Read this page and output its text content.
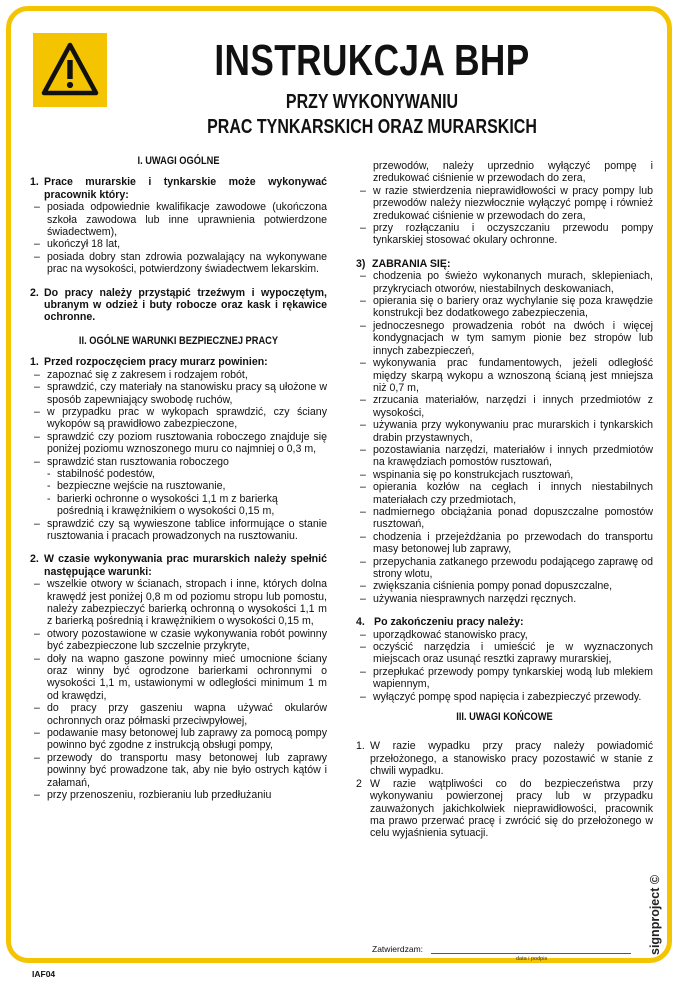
INSTRUKCJA BHP
PRZY WYKONYWANIU
PRAC TYNKARSKICH ORAZ MURARSKICH
I. UWAGI OGÓLNE
1. Prace murarskie i tynkarskie może wykonywać pracownik który:
– posiada odpowiednie kwalifikacje zawodowe (ukończona szkoła zawodowa lub inne uprawnienia potwierdzone świadectwem),
– ukończył 18 lat,
– posiada dobry stan zdrowia pozwalający na wykonywane prac na wysokości, potwierdzony świadectwem lekarskim.
2. Do pracy należy przystąpić trzeźwym i wypoczętym, ubranym w odzież i buty robocze oraz kask i rękawice ochronne.
II. OGÓLNE WARUNKI BEZPIECZNEJ PRACY
1. Przed rozpoczęciem pracy murarz powinien:
– zapoznać się z zakresem i rodzajem robót,
– sprawdzić, czy materiały na stanowisku pracy są ułożone w sposób zapewniający swobodę ruchów,
– w przypadku prac w wykopach sprawdzić, czy ściany wykopów są prawidłowo zabezpieczone,
– sprawdzić czy poziom rusztowania roboczego znajduje się poniżej poziomu wznoszonego muru co najmniej o 0,3 m,
– sprawdzić stan rusztowania roboczego
- stabilność podestów,
- bezpieczne wejście na rusztowanie,
- barierki ochronne o wysokości 1,1 m z barierką pośrednią i krawężnikiem o wysokości 0,15 m,
– sprawdzić czy są wywieszone tablice informujące o stanie rusztowania i pracach prowadzonych na rusztowaniu.
2. W czasie wykonywania prac murarskich należy spełnić następujące warunki:
– wszelkie otwory w ścianach, stropach i inne, których dolna krawędź jest poniżej 0,8 m od poziomu stropu lub pomostu, należy zabezpieczyć barierką ochronną o wysokości 1,1 m z barierką pośrednią i krawężnikiem o wysokości 0,15 m,
– otwory pozostawione w czasie wykonywania robót powinny być zabezpieczone lub szczelnie przykryte,
– doły na wapno gaszone powinny mieć umocnione ściany oraz winny być ogrodzone barierkami ochronnymi o wysokości 1,1 m, ustawionymi w odległości minimum 1 m od krawędzi,
– do pracy przy gaszeniu wapna używać okularów ochronnych oraz półmaski przeciwpyłowej,
– podawanie masy betonowej lub zaprawy za pomocą pompy powinno być zgodne z instrukcją obsługi pompy,
– przewody do transportu masy betonowej lub zaprawy powinny być prowadzone tak, aby nie było ostrych kątów i załamań,
– przy przenoszeniu, rozbieraniu lub przedłużaniu
przewodów, należy uprzednio wyłączyć pompę i zredukować ciśnienie w przewodach do zera,
– w razie stwierdzenia nieprawidłowości w pracy pompy lub przewodów należy niezwłocznie wyłączyć pompę i również zredukować ciśnienie w przewodach do zera,
– przy rozłączaniu i oczyszczaniu przewodu pompy tynkarskiej stosować okulary ochronne.
3) ZABRANIA SIĘ:
– chodzenia po świeżo wykonanych murach, sklepieniach, przykryciach otworów, niestabilnych deskowaniach,
– opierania się o bariery oraz wychylanie się poza krawędzie konstrukcji bez dodatkowego zabezpieczenia,
– jednoczesnego prowadzenia robót na dwóch i więcej kondygnacjach w tym samym pionie bez stropów lub innych zabezpieczeń,
– wykonywania prac fundamentowych, jeżeli odległość między skarpą wykopu a wznoszoną ścianą jest mniejsza niż 0,7 m,
– zrzucania materiałów, narzędzi i innych przedmiotów z wysokości,
– używania przy wykonywaniu prac murarskich i tynkarskich drabin przystawnych,
– pozostawiania narzędzi, materiałów i innych przedmiotów na krawędziach pomostów rusztowań,
– wspinania się po konstrukcjach rusztowań,
– opierania kozłów na cegłach i innych niestabilnych materiałach czy przedmiotach,
– nadmiernego obciążania ponad dopuszczalne pomostów rusztowań,
– chodzenia i przejeżdżania po przewodach do transportu masy betonowej lub zaprawy,
– przepychania zatkanego przewodu podającego zaprawę od strony wlotu,
– zwiększania ciśnienia pompy ponad dopuszczalne,
– używania niesprawnych narzędzi ręcznych.
4. Po zakończeniu pracy należy:
– uporządkować stanowisko pracy,
– oczyścić narzędzia i umieścić je w wyznaczonych miejscach oraz usunąć resztki zaprawy murarskiej,
– przepłukać przewody pompy tynkarskiej wodą lub mlekiem wapiennym,
– wyłączyć pompę spod napięcia i zabezpieczyć przewody.
III. UWAGI KOŃCOWE
1. W razie wypadku przy pracy należy powiadomić przełożonego, a stanowisko pracy pozostawić w stanie z chwili wypadku.
2 W razie wątpliwości co do bezpieczeństwa przy wykonywaniu powierzonej pracy lub w przypadku zauważonych jakichkolwiek nieprawidłowości, pracownik ma prawo przerwać pracę i zwrócić się do przełożonego w celu wyjaśnienia sytuacji.
Zatwierdzam:
data i podpis
signproject ©
IAF04
